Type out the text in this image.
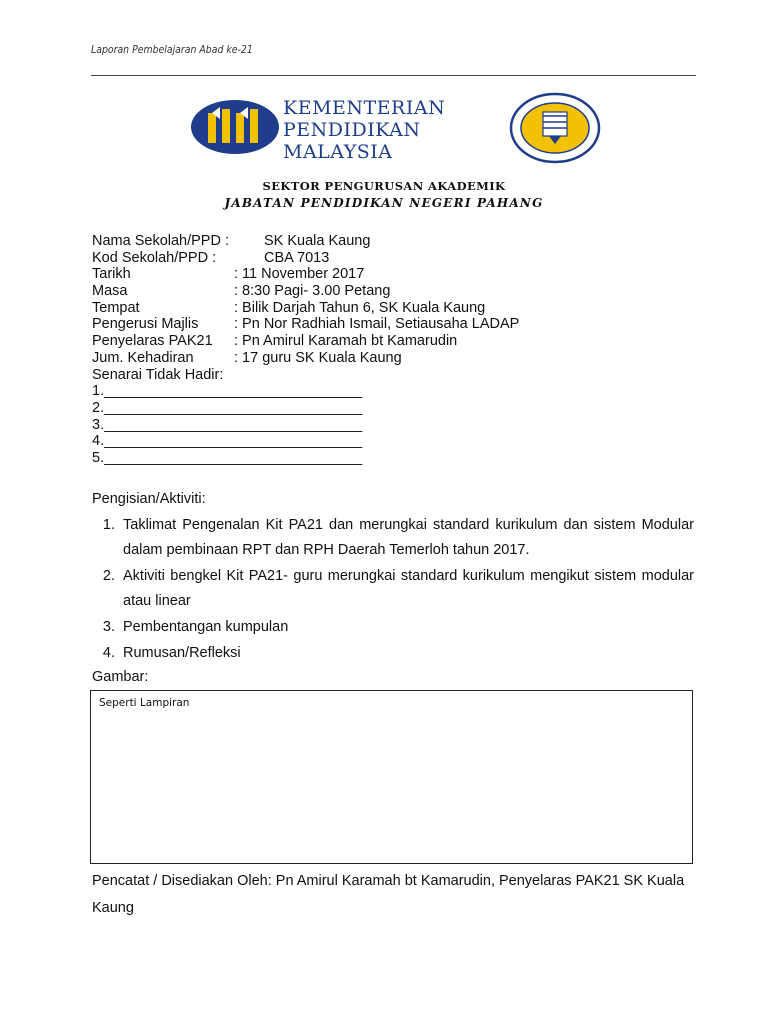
Laporan Pembelajaran Abad ke-21
KEMENTERIAN
PENDIDIKAN
MALAYSIA
SEKTOR PENGURUSAN AKADEMIK
JABATAN PENDIDIKAN NEGERI PAHANG
Nama Sekolah/PPD : SK Kuala Kaung
Kod Sekolah/PPD :	CBA 7013
Tarikh	: 11 November 2017
Masa	: 8:30 Pagi- 3.00 Petang
Tempat	: Bilik Darjah Tahun 6, SK Kuala Kaung
Pengerusi Majlis : Pn Nor Radhiah Ismail, Setiausaha LADAP
Penyelaras PAK21 : Pn Amirul Karamah bt Kamarudin
Jum. Kehadiran	: 17 guru SK Kuala Kaung
Senarai Tidak Hadir:
1.________________________________
2.________________________________
3.________________________________
4.________________________________
5.________________________________
Pengisian/Aktiviti:
1. Taklimat Pengenalan Kit PA21 dan merungkai standard kurikulum dan sistem Modular dalam pembinaan RPT dan RPH Daerah Temerloh tahun 2017.
2. Aktiviti bengkel Kit PA21- guru merungkai standard kurikulum mengikut sistem modular atau linear
3. Pembentangan kumpulan
4. Rumusan/Refleksi
Gambar:
Seperti Lampiran
Pencatat / Disediakan Oleh: Pn Amirul Karamah bt Kamarudin, Penyelaras PAK21 SK Kuala Kaung
